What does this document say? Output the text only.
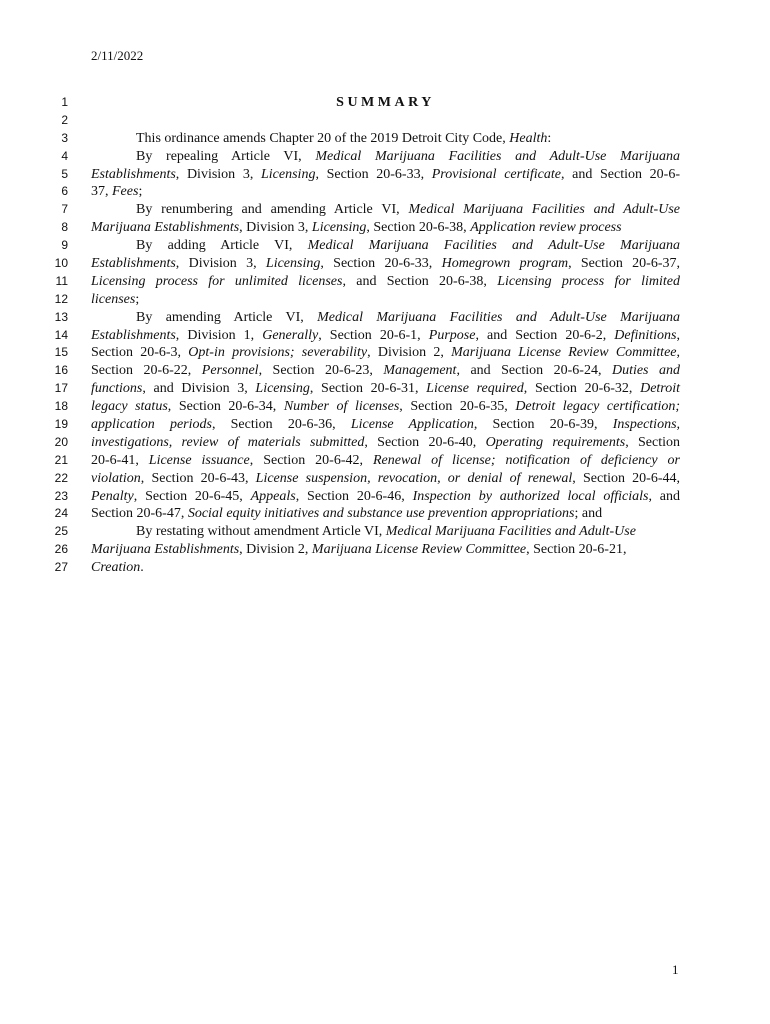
2/11/2022
1
2
3
4
5
6
7
8
9
10
11
12
13
14
15
16
17
18
19
20
21
22
23
24
25
26
27
SUMMARY
This ordinance amends Chapter 20 of the 2019 Detroit City Code, Health:
By repealing Article VI, Medical Marijuana Facilities and Adult-Use Marijuana
Establishments, Division 3, Licensing, Section 20-6-33, Provisional certificate, and Section 20-6-
37, Fees;
By renumbering and amending Article VI, Medical Marijuana Facilities and Adult-Use
Marijuana Establishments, Division 3, Licensing, Section 20-6-38, Application review process
By adding Article VI, Medical Marijuana Facilities and Adult-Use Marijuana
Establishments, Division 3, Licensing, Section 20-6-33, Homegrown program, Section 20-6-37,
Licensing process for unlimited licenses, and Section 20-6-38, Licensing process for limited
licenses;
By amending Article VI, Medical Marijuana Facilities and Adult-Use Marijuana
Establishments, Division 1, Generally, Section 20-6-1, Purpose, and Section 20-6-2, Definitions,
Section 20-6-3, Opt-in provisions; severability, Division 2, Marijuana License Review Committee,
Section 20-6-22, Personnel, Section 20-6-23, Management, and Section 20-6-24, Duties and
functions, and Division 3, Licensing, Section 20-6-31, License required, Section 20-6-32, Detroit
legacy status, Section 20-6-34, Number of licenses, Section 20-6-35, Detroit legacy certification;
application periods, Section 20-6-36, License Application, Section 20-6-39, Inspections,
investigations, review of materials submitted, Section 20-6-40, Operating requirements, Section
20-6-41, License issuance, Section 20-6-42, Renewal of license; notification of deficiency or
violation, Section 20-6-43, License suspension, revocation, or denial of renewal, Section 20-6-44,
Penalty, Section 20-6-45, Appeals, Section 20-6-46, Inspection by authorized local officials, and
Section 20-6-47, Social equity initiatives and substance use prevention appropriations; and
By restating without amendment Article VI, Medical Marijuana Facilities and Adult-Use
Marijuana Establishments, Division 2, Marijuana License Review Committee, Section 20-6-21,
Creation.
1
